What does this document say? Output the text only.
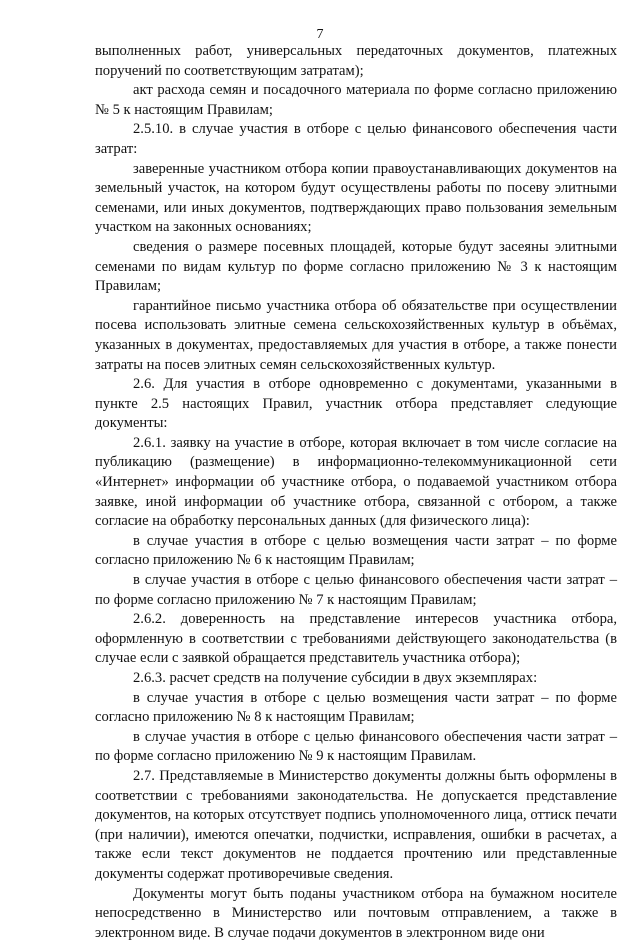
7

выполненных работ, универсальных передаточных документов, платежных поручений по соответствующим затратам);

акт расхода семян и посадочного материала по форме согласно приложению № 5 к настоящим Правилам;

2.5.10. в случае участия в отборе с целью финансового обеспечения части затрат:

заверенные участником отбора копии правоустанавливающих документов на земельный участок, на котором будут осуществлены работы по посеву элитными семенами, или иных документов, подтверждающих право пользования земельным участком на законных основаниях;

сведения о размере посевных площадей, которые будут засеяны элитными семенами по видам культур по форме согласно приложению № 3 к настоящим Правилам;

гарантийное письмо участника отбора об обязательстве при осуществлении посева использовать элитные семена сельскохозяйственных культур в объёмах, указанных в документах, предоставляемых для участия в отборе, а также понести затраты на посев элитных семян сельскохозяйственных культур.

2.6. Для участия в отборе одновременно с документами, указанными в пункте 2.5 настоящих Правил, участник отбора представляет следующие документы:

2.6.1. заявку на участие в отборе, которая включает в том числе согласие на публикацию (размещение) в информационно-телекоммуникационной сети «Интернет» информации об участнике отбора, о подаваемой участником отбора заявке, иной информации об участнике отбора, связанной с отбором, а также согласие на обработку персональных данных (для физического лица):

в случае участия в отборе с целью возмещения части затрат – по форме согласно приложению № 6 к настоящим Правилам;

в случае участия в отборе с целью финансового обеспечения части затрат – по форме согласно приложению № 7 к настоящим Правилам;

2.6.2. доверенность на представление интересов участника отбора, оформленную в соответствии с требованиями действующего законодательства (в случае если с заявкой обращается представитель участника отбора);

2.6.3. расчет средств на получение субсидии в двух экземплярах:

в случае участия в отборе с целью возмещения части затрат – по форме согласно приложению № 8 к настоящим Правилам;

в случае участия в отборе с целью финансового обеспечения части затрат – по форме согласно приложению № 9 к настоящим Правилам.

2.7. Представляемые в Министерство документы должны быть оформлены в соответствии с требованиями законодательства. Не допускается представление документов, на которых отсутствует подпись уполномоченного лица, оттиск печати (при наличии), имеются опечатки, подчистки, исправления, ошибки в расчетах, а также если текст документов не поддается прочтению или представленные документы содержат противоречивые сведения.

Документы могут быть поданы участником отбора на бумажном носителе непосредственно в Министерство или почтовым отправлением, а также в электронном виде. В случае подачи документов в электронном виде они
